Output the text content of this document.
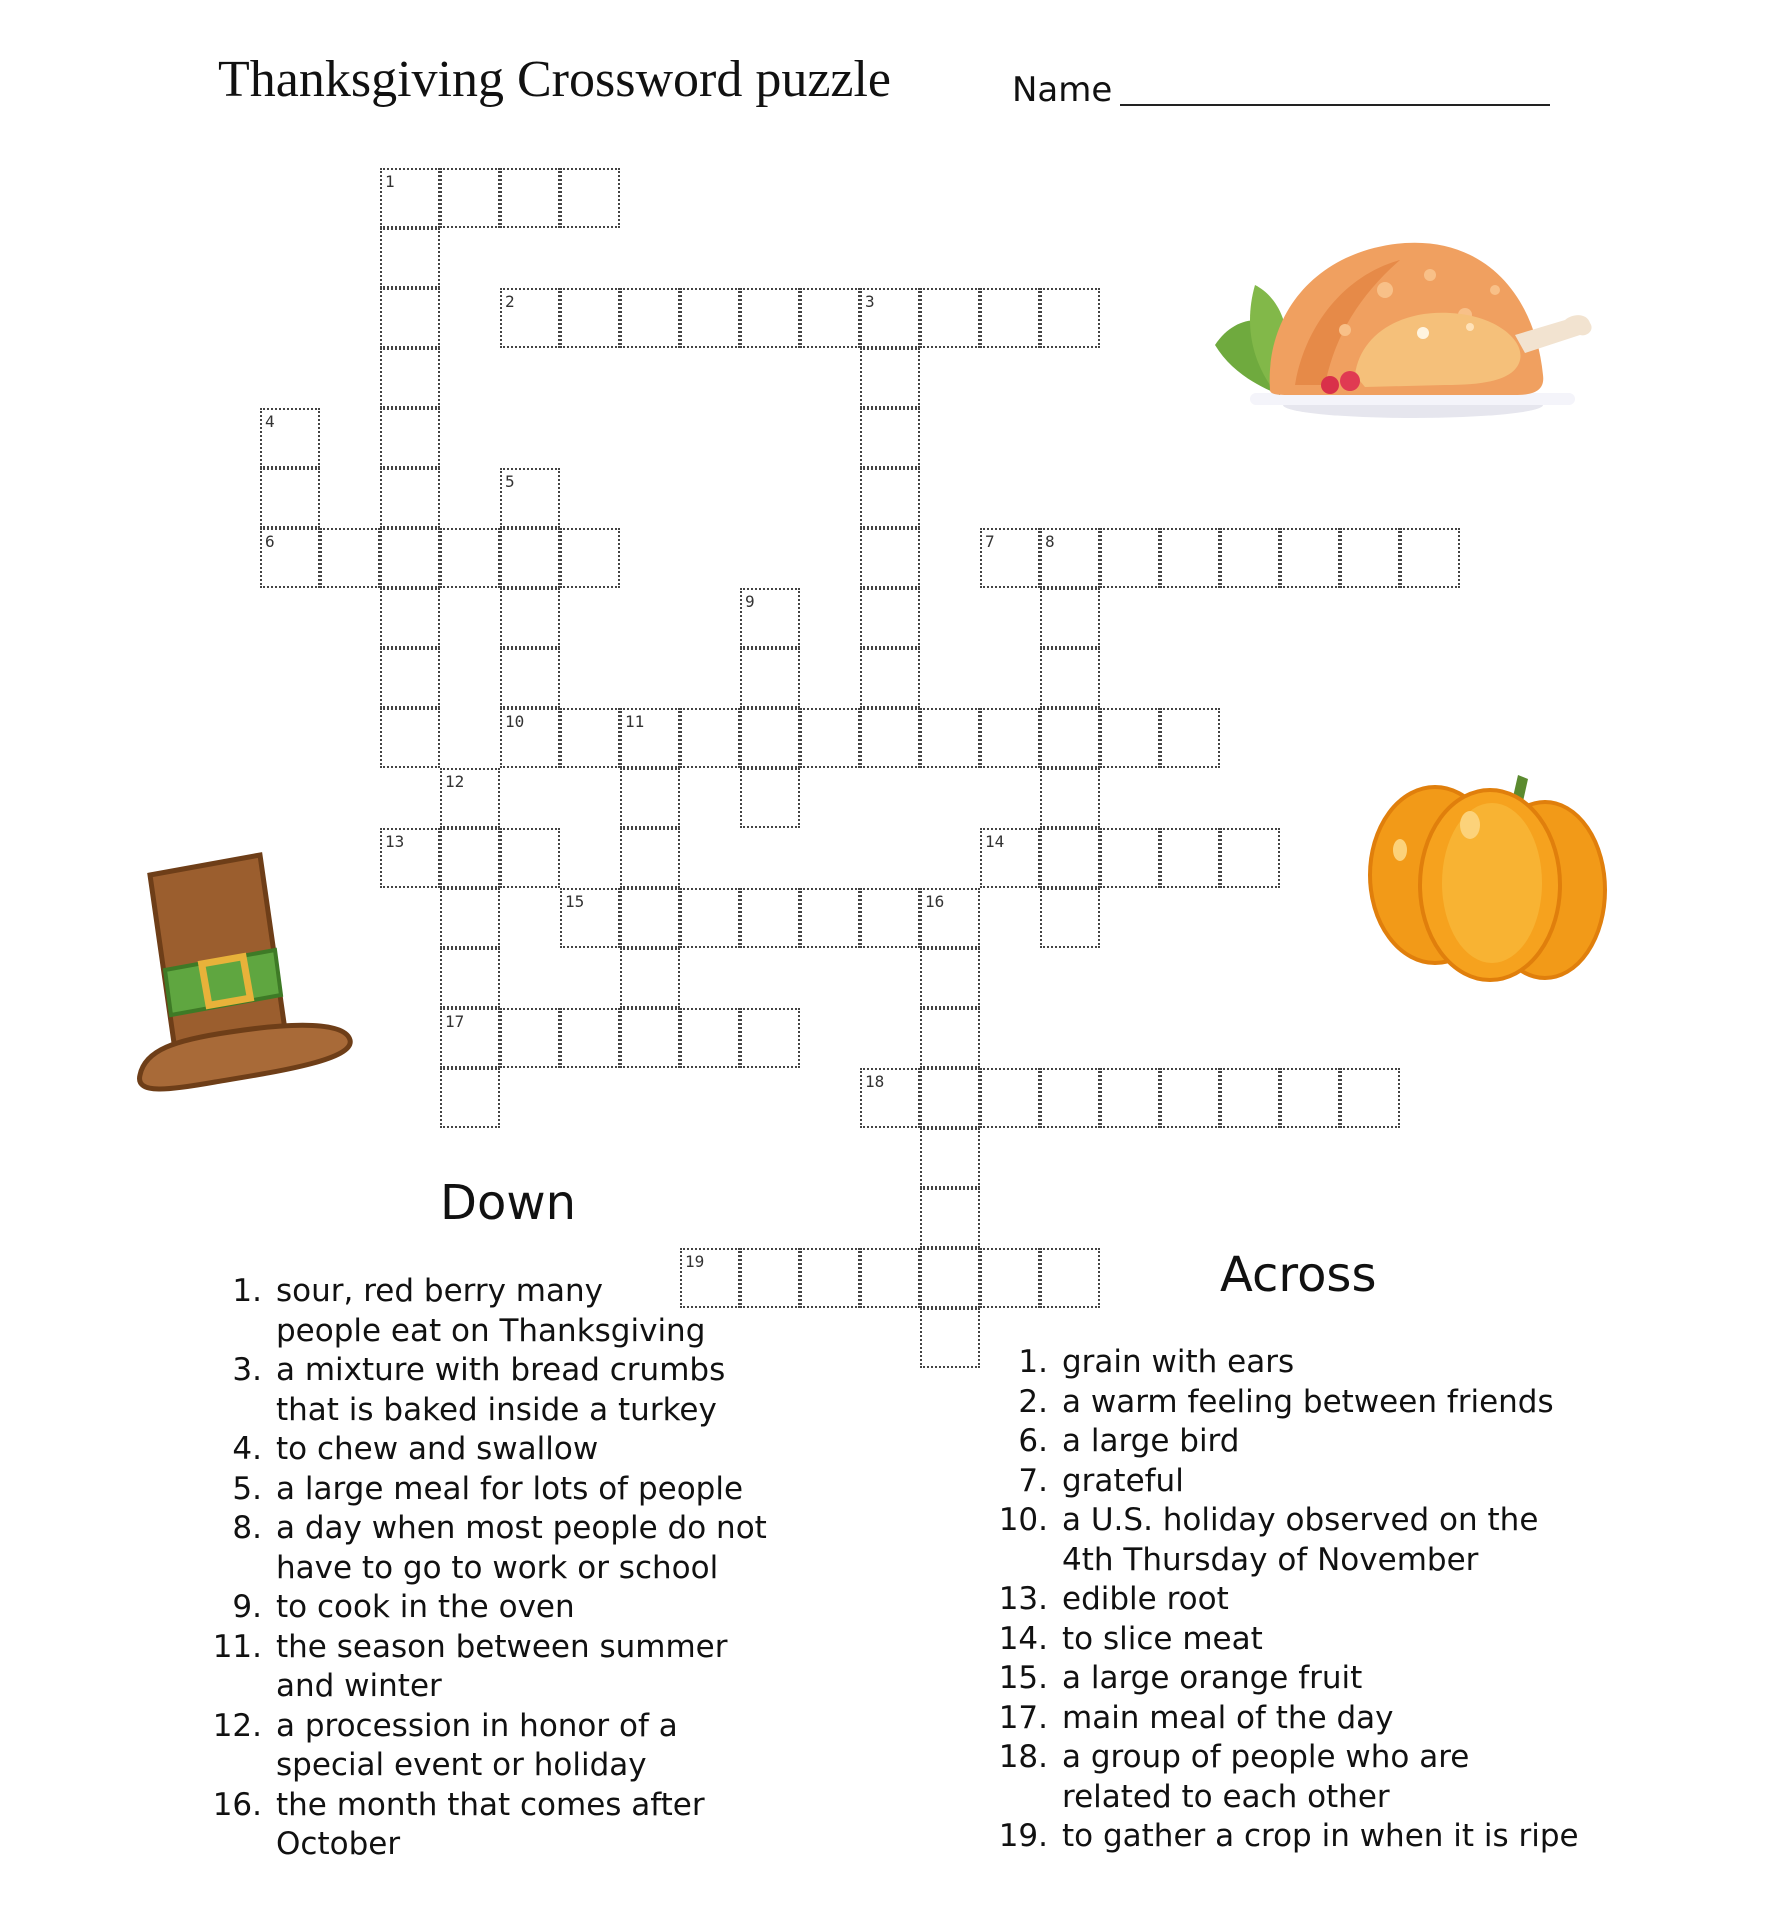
Thanksgiving Crossword puzzle	Name
1
2	3
6	7	8
10	11
13	14
15	16
17
18
19
4
5
9
12
Down
Across
1. sour, red berry many
people eat on Thanksgiving
3. a mixture with bread crumbs
that is baked inside a turkey
4. to chew and swallow
5. a large meal for lots of people
8. a day when most people do not
have to go to work or school
9. to cook in the oven
11. the season between summer
and winter
12. a procession in honor of a
special event or holiday
16. the month that comes after
October
1. grain with ears
2. a warm feeling between friends
6. a large bird
7. grateful
10. a U.S. holiday observed on the
4th Thursday of November
13. edible root
14. to slice meat
15. a large orange fruit
17. main meal of the day
18. a group of people who are
related to each other
19. to gather a crop in when it is ripe
